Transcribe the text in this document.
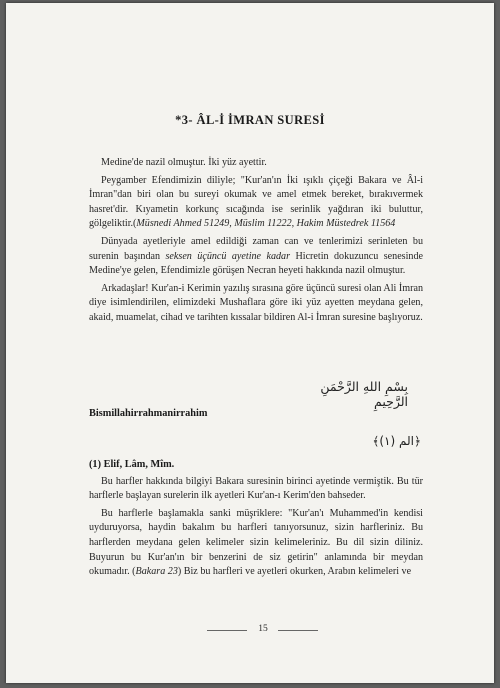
*3- ÂL-İ İMRAN SURESİ

Medine'de nazil olmuştur. İki yüz ayettir.

Peygamber Efendimizin diliyle; "Kur'an'ın İki ışıklı çiçeği Bakara ve Âl-i İmran"dan biri olan bu sureyi okumak ve amel etmek bereket, bırakıvermek hasret'dir. Kıyametin korkunç sıcağında ise serinlik yağdıran iki buluttur, gölgeliktir.(Müsnedi Ahmed 51249, Müslim 11222, Hakim Müstedrek 11564

Dünyada ayetleriyle amel edildiği zaman can ve tenlerimizi serinleten bu surenin başından seksen üçüncü ayetine kadar Hicretin dokuzuncu senesinde Medine'ye gelen, Efendimizle görüşen Necran heyeti hakkında nazil olmuştur.

Arkadaşlar! Kur'an-i Kerimin yazılış sırasına göre üçüncü suresi olan Ali İmran diye isimlendirilen, elimizdeki Mushaflara göre iki yüz ayetten meydana gelen, akaid, muamelat, cihad ve tarihten kıssalar bildiren Al-i İmran suresine başlıyoruz.

بِسْمِ اللهِ الرَّحْمَنِ الرَّحِيمِ
Bismillahirrahmanirrahim
﴿الم (١)﴾
(1) Elif, Lâm, Mîm.

Bu harfler hakkında bilgiyi Bakara suresinin birinci ayetinde vermiştik. Bu tür harflerle başlayan surelerin ilk ayetleri Kur'an-ı Kerim'den bahseder.

Bu harflerle başlamakla sanki müşriklere: "Kur'an'ı Muhammed'in kendisi uyduruyorsa, haydin bakalım bu harfleri tanıyorsunuz, sizin harfleriniz. Bu harflerden meydana gelen kelimeler sizin kelimeleriniz. Bu dil sizin diliniz. Buyurun bu Kur'an'ın bir benzerini de siz getirin" anlamında bir meydan okumadır. (Bakara 23) Biz bu harfleri ve ayetleri okurken, Arabın kelimeleri ve

15
